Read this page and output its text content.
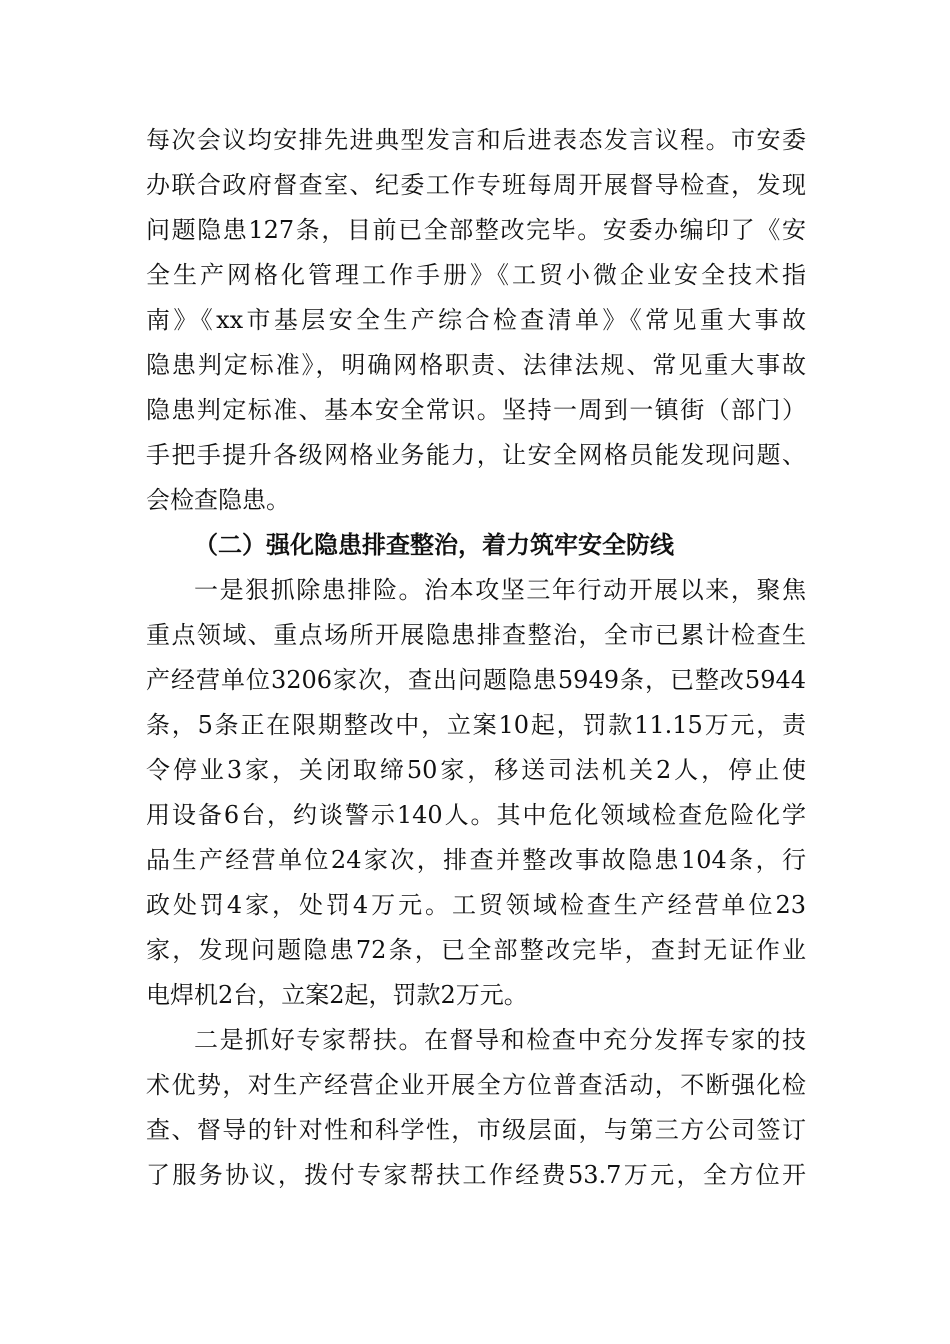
每次会议均安排先进典型发言和后进表态发言议程。市安委
办联合政府督查室、纪委工作专班每周开展督导检查，发现
问题隐患127条，目前已全部整改完毕。安委办编印了《安
全生产网格化管理工作手册》《工贸小微企业安全技术指
南》《xx市基层安全生产综合检查清单》《常见重大事故
隐患判定标准》，明确网格职责、法律法规、常见重大事故
隐患判定标准、基本安全常识。坚持一周到一镇街（部门）
手把手提升各级网格业务能力，让安全网格员能发现问题、
会检查隐患。
（二）强化隐患排查整治，着力筑牢安全防线
一是狠抓除患排险。治本攻坚三年行动开展以来，聚焦
重点领域、重点场所开展隐患排查整治，全市已累计检查生
产经营单位3206家次，查出问题隐患5949条，已整改5944
条，5条正在限期整改中，立案10起，罚款11.15万元，责
令停业3家，关闭取缔50家，移送司法机关2人，停止使
用设备6台，约谈警示140人。其中危化领域检查危险化学
品生产经营单位24家次，排查并整改事故隐患104条，行
政处罚4家，处罚4万元。工贸领域检查生产经营单位23
家，发现问题隐患72条，已全部整改完毕，查封无证作业
电焊机2台，立案2起，罚款2万元。
二是抓好专家帮扶。在督导和检查中充分发挥专家的技
术优势，对生产经营企业开展全方位普查活动，不断强化检
查、督导的针对性和科学性，市级层面，与第三方公司签订
了服务协议，拨付专家帮扶工作经费53.7万元，全方位开
